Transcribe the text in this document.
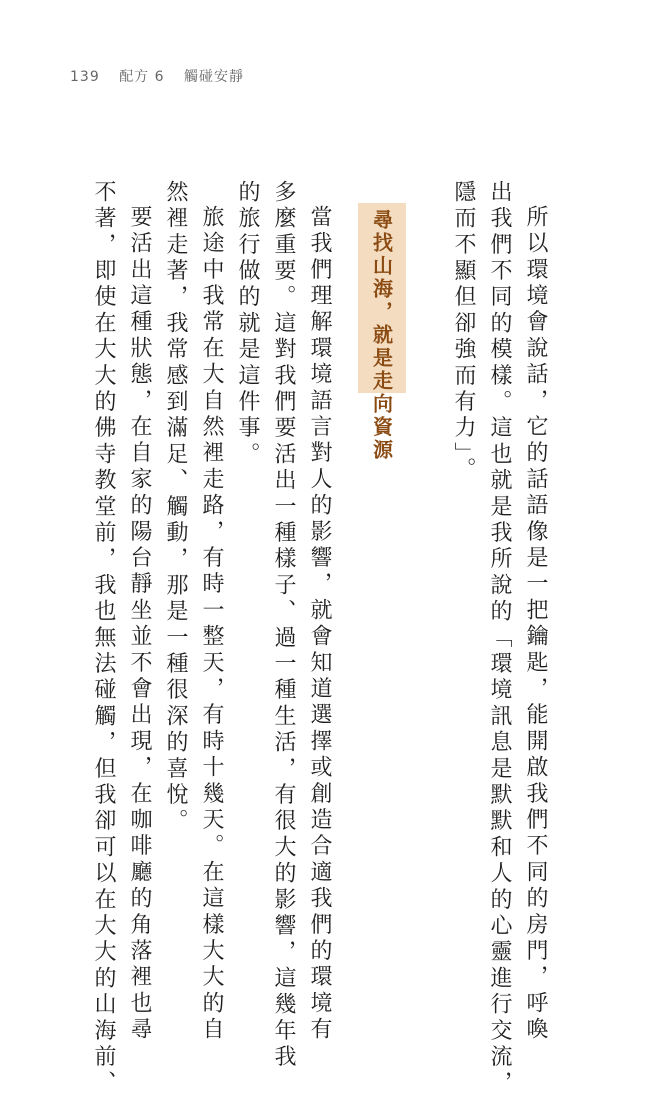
139 配方 6 觸碰安靜
所以環境會說話，它的話語像是一把鑰匙，能開啟我們不同的房門，呼喚
出我們不同的模樣。這也就是我所說的「環境訊息是默默和人的心靈進行交流，
隱而不顯但卻強而有力」。
尋找山海，就是走向資源
當我們理解環境語言對人的影響，就會知道選擇或創造合適我們的環境有
多麼重要。這對我們要活出一種樣子、過一種生活，有很大的影響，這幾年我
的旅行做的就是這件事。
旅途中我常在大自然裡走路，有時一整天，有時十幾天。在這樣大大的自
然裡走著，我常感到滿足、觸動，那是一種很深的喜悅。
要活出這種狀態，在自家的陽台靜坐並不會出現，在咖啡廳的角落裡也尋
不著，即使在大大的佛寺教堂前，我也無法碰觸，但我卻可以在大大的山海前、
